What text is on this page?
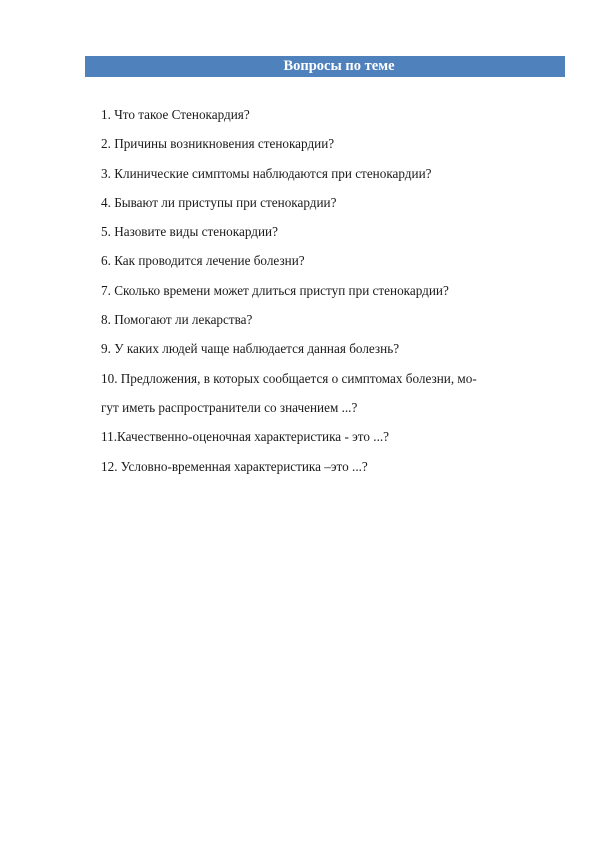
Вопросы по теме
1. Что такое Стенокардия?
2. Причины возникновения стенокардии?
3. Клинические симптомы наблюдаются при стенокардии?
4. Бывают ли приступы при стенокардии?
5. Назовите виды стенокардии?
6. Как проводится лечение болезни?
7. Сколько времени может длиться приступ при стенокардии?
8. Помогают ли лекарства?
9. У каких людей чаще наблюдается данная болезнь?
10. Предложения, в которых сообщается о симптомах болезни, мо-
гут иметь распространители со значением ...?
11.Качественно-оценочная характеристика - это ...?
12. Условно-временная характеристика –это ...?
